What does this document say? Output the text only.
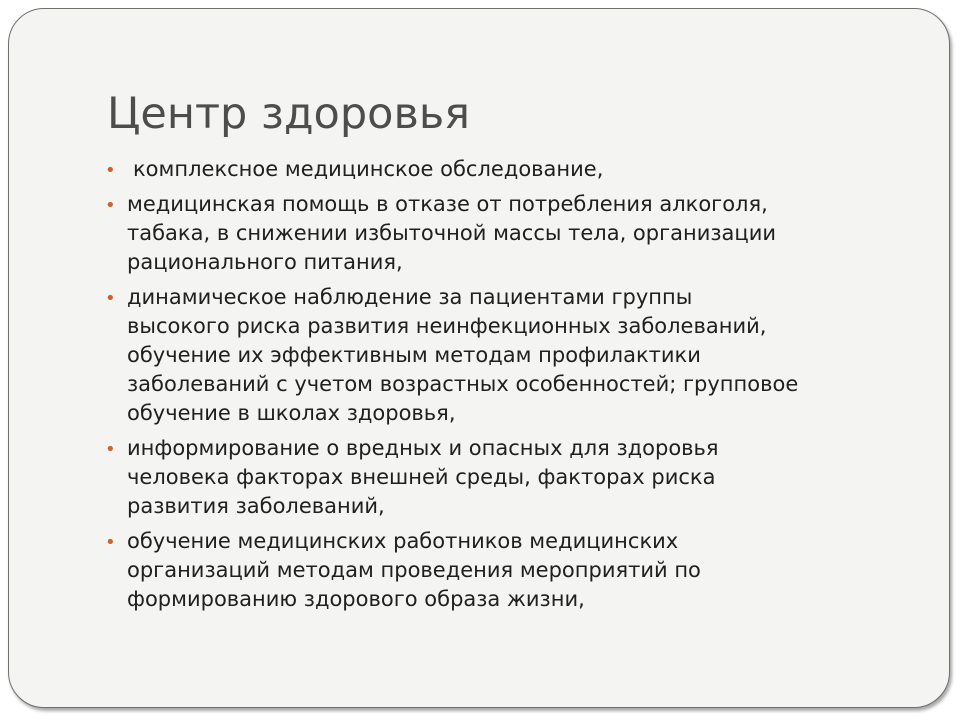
Центр здоровья
• комплексное медицинское обследование,
• медицинская помощь в отказе от потребления алкоголя,
табака, в снижении избыточной массы тела, организации
рационального питания,
• динамическое наблюдение за пациентами группы
высокого риска развития неинфекционных заболеваний,
обучение их эффективным методам профилактики
заболеваний с учетом возрастных особенностей; групповое
обучение в школах здоровья,
• информирование о вредных и опасных для здоровья
человека факторах внешней среды, факторах риска
развития заболеваний,
• обучение медицинских работников медицинских
организаций методам проведения мероприятий по
формированию здорового образа жизни,
